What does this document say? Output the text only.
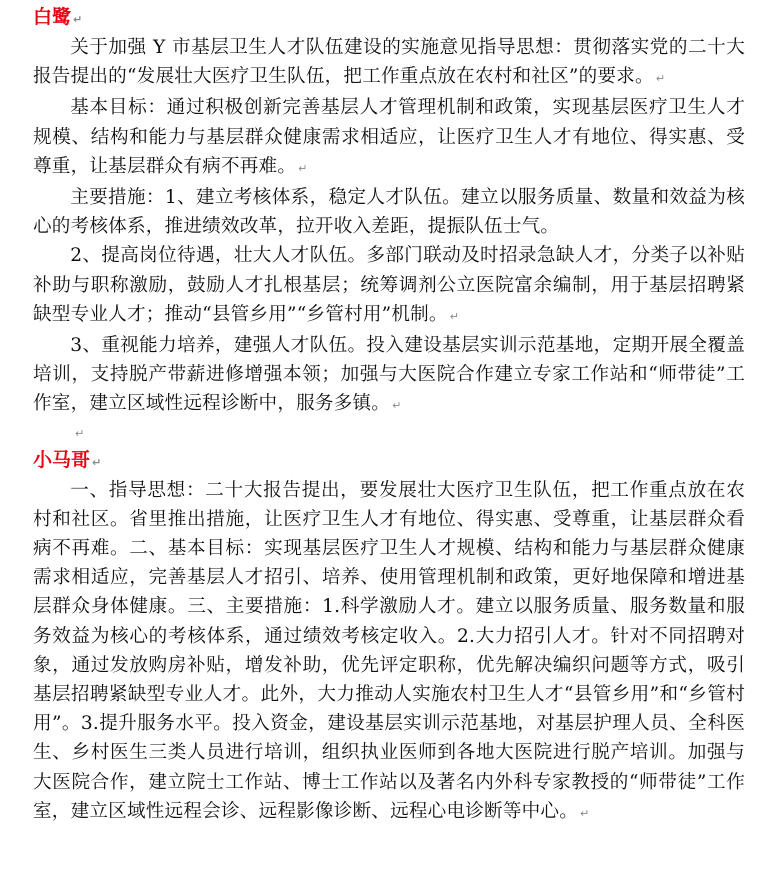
白鹭 ↵

关于加强 Y 市基层卫生人才队伍建设的实施意见指导思想：贯彻落实党的二十大报告提出的“发展壮大医疗卫生队伍，把工作重点放在农村和社区”的要求。 ↵

基本目标：通过积极创新完善基层人才管理机制和政策，实现基层医疗卫生人才规模、结构和能力与基层群众健康需求相适应，让医疗卫生人才有地位、得实惠、受尊重，让基层群众有病不再难。 ↵

主要措施：1、建立考核体系，稳定人才队伍。建立以服务质量、数量和效益为核心的考核体系，推进绩效改革，拉开收入差距，提振队伍士气。

2、提高岗位待遇，壮大人才队伍。多部门联动及时招录急缺人才，分类子以补贴补助与职称激励，鼓励人才扎根基层；统筹调剂公立医院富余编制，用于基层招聘紧缺型专业人才；推动“县管乡用”“乡管村用”机制。 ↵

3、重视能力培养，建强人才队伍。投入建设基层实训示范基地，定期开展全覆盖培训，支持脱产带薪进修增强本领；加强与大医院合作建立专家工作站和“师带徒”工作室，建立区域性远程诊断中，服务多镇。 ↵

↵

小马哥 ↵

一、指导思想：二十大报告提出，要发展壮大医疗卫生队伍，把工作重点放在农村和社区。省里推出措施，让医疗卫生人才有地位、得实惠、受尊重，让基层群众看病不再难。二、基本目标：实现基层医疗卫生人才规模、结构和能力与基层群众健康需求相适应，完善基层人才招引、培养、使用管理机制和政策，更好地保障和增进基层群众身体健康。三、主要措施：1.科学激励人才。建立以服务质量、服务数量和服务效益为核心的考核体系，通过绩效考核定收入。2.大力招引人才。针对不同招聘对象，通过发放购房补贴，增发补助，优先评定职称，优先解决编织问题等方式，吸引基层招聘紧缺型专业人才。此外，大力推动人实施农村卫生人才“县管乡用”和“乡管村用”。3.提升服务水平。投入资金，建设基层实训示范基地，对基层护理人员、全科医生、乡村医生三类人员进行培训，组织执业医师到各地大医院进行脱产培训。加强与大医院合作，建立院士工作站、博士工作站以及著名内外科专家教授的“师带徒”工作室，建立区域性远程会诊、远程影像诊断、远程心电诊断等中心。 ↵
